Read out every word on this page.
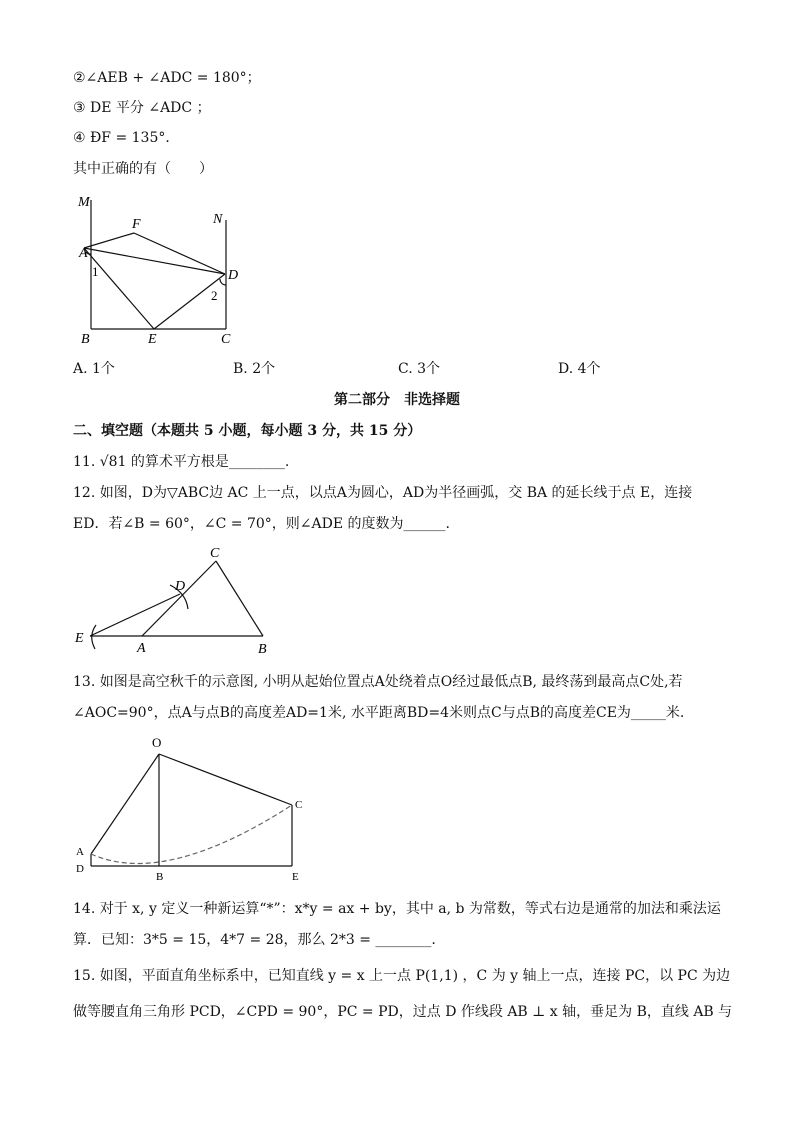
②∠AEB + ∠ADC = 180°；
③ DE 平分 ∠ADC ；
④ ÐF = 135°．
其中正确的有（　　）
M
N
F
A
1	D
2
B	E	C
A. 1个	B. 2个	C. 3个	D. 4个
第二部分　非选择题
二、填空题（本题共 5 小题，每小题 3 分，共 15 分）
11. √81 的算术平方根是________.
12. 如图，D为▽ABC边 AC 上一点，以点A为圆心，AD为半径画弧，交 BA 的延长线于点 E，连接
ED．若∠B = 60°，∠C = 70°，则∠ADE 的度数为______.
C
D
E
A	B
13. 如图是高空秋千的示意图, 小明从起始位置点A处绕着点O经过最低点B, 最终荡到最高点C处,若
∠AOC=90°，点A与点B的高度差AD=1米, 水平距离BD=4米则点C与点B的高度差CE为_____米.
O
C
A
D
B	E
14. 对于 x, y 定义一种新运算“*”：x*y = ax + by，其中 a, b 为常数，等式右边是通常的加法和乘法运
算．已知：3*5 = 15，4*7 = 28，那么 2*3 = ________.
15. 如图，平面直角坐标系中，已知直线 y = x 上一点 P(1,1) ，C 为 y 轴上一点，连接 PC，以 PC 为边
做等腰直角三角形 PCD，∠CPD = 90°，PC = PD，过点 D 作线段 AB ⊥ x 轴，垂足为 B，直线 AB 与
